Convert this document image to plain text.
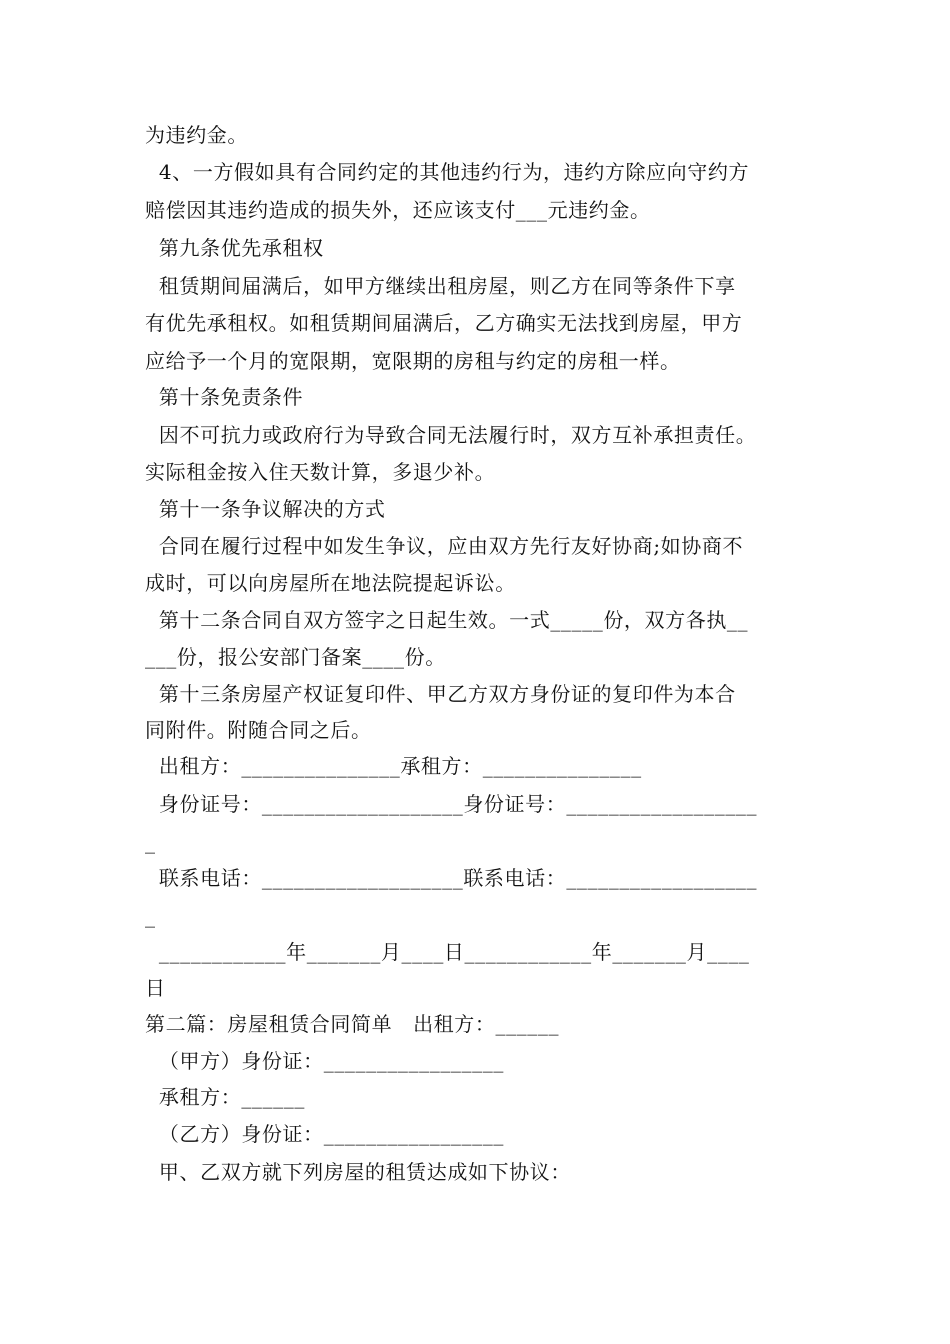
为违约金。
4、一方假如具有合同约定的其他违约行为，违约方除应向守约方
赔偿因其违约造成的损失外，还应该支付___元违约金。
第九条优先承租权
租赁期间届满后，如甲方继续出租房屋，则乙方在同等条件下享
有优先承租权。如租赁期间届满后，乙方确实无法找到房屋，甲方
应给予一个月的宽限期，宽限期的房租与约定的房租一样。
第十条免责条件
因不可抗力或政府行为导致合同无法履行时，双方互补承担责任。
实际租金按入住天数计算，多退少补。
第十一条争议解决的方式
合同在履行过程中如发生争议，应由双方先行友好协商;如协商不
成时，可以向房屋所在地法院提起诉讼。
第十二条合同自双方签字之日起生效。一式_____份，双方各执__
___份，报公安部门备案____份。
第十三条房屋产权证复印件、甲乙方双方身份证的复印件为本合
同附件。附随合同之后。
出租方：_______________承租方：_______________
身份证号：___________________身份证号：__________________
_
联系电话：___________________联系电话：__________________
_
____________年_______月____日____________年_______月____
日
第二篇：房屋租赁合同简单   出租方：______
（甲方）身份证：_________________
承租方：______
（乙方）身份证：_________________
甲、乙双方就下列房屋的租赁达成如下协议：
